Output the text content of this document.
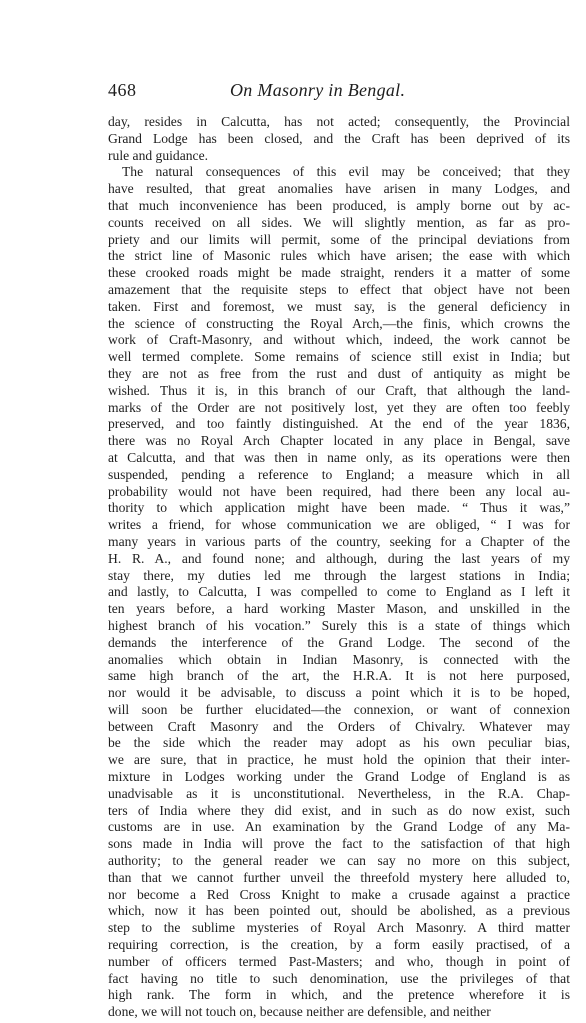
468	On Masonry in Bengal.
day, resides in Calcutta, has not acted; consequently, the Provincial
Grand Lodge has been closed, and the Craft has been deprived of its
rule and guidance.
The natural consequences of this evil may be conceived; that they
have resulted, that great anomalies have arisen in many Lodges, and
that much inconvenience has been produced, is amply borne out by ac-
counts received on all sides. We will slightly mention, as far as pro-
priety and our limits will permit, some of the principal deviations from
the strict line of Masonic rules which have arisen; the ease with which
these crooked roads might be made straight, renders it a matter of some
amazement that the requisite steps to effect that object have not been
taken. First and foremost, we must say, is the general deficiency in
the science of constructing the Royal Arch,—the finis, which crowns the
work of Craft-Masonry, and without which, indeed, the work cannot be
well termed complete. Some remains of science still exist in India; but
they are not as free from the rust and dust of antiquity as might be
wished. Thus it is, in this branch of our Craft, that although the land-
marks of the Order are not positively lost, yet they are often too feebly
preserved, and too faintly distinguished. At the end of the year 1836,
there was no Royal Arch Chapter located in any place in Bengal, save
at Calcutta, and that was then in name only, as its operations were then
suspended, pending a reference to England; a measure which in all
probability would not have been required, had there been any local au-
thority to which application might have been made. “ Thus it was,”
writes a friend, for whose communication we are obliged, “ I was for
many years in various parts of the country, seeking for a Chapter of the
H. R. A., and found none; and although, during the last years of my
stay there, my duties led me through the largest stations in India;
and lastly, to Calcutta, I was compelled to come to England as I left it
ten years before, a hard working Master Mason, and unskilled in the
highest branch of his vocation.” Surely this is a state of things which
demands the interference of the Grand Lodge. The second of the
anomalies which obtain in Indian Masonry, is connected with the
same high branch of the art, the H.R.A. It is not here purposed,
nor would it be advisable, to discuss a point which it is to be hoped,
will soon be further elucidated—the connexion, or want of connexion
between Craft Masonry and the Orders of Chivalry. Whatever may
be the side which the reader may adopt as his own peculiar bias,
we are sure, that in practice, he must hold the opinion that their inter-
mixture in Lodges working under the Grand Lodge of England is as
unadvisable as it is unconstitutional. Nevertheless, in the R.A. Chap-
ters of India where they did exist, and in such as do now exist, such
customs are in use. An examination by the Grand Lodge of any Ma-
sons made in India will prove the fact to the satisfaction of that high
authority; to the general reader we can say no more on this subject,
than that we cannot further unveil the threefold mystery here alluded to,
nor become a Red Cross Knight to make a crusade against a practice
which, now it has been pointed out, should be abolished, as a previous
step to the sublime mysteries of Royal Arch Masonry. A third matter
requiring correction, is the creation, by a form easily practised, of a
number of officers termed Past-Masters; and who, though in point of
fact having no title to such denomination, use the privileges of that
high rank. The form in which, and the pretence wherefore it is
done, we will not touch on, because neither are defensible, and neither
